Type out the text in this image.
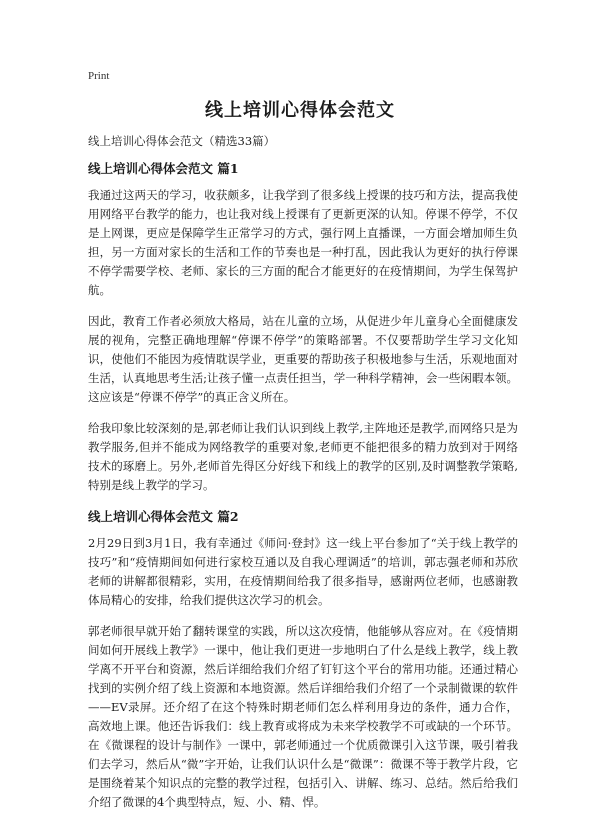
Print
线上培训心得体会范文
线上培训心得体会范文（精选33篇）
线上培训心得体会范文 篇1

我通过这两天的学习，收获颇多，让我学到了很多线上授课的技巧和方法，提高我使用网络平台教学的能力，也让我对线上授课有了更新更深的认知。停课不停学，不仅是上网课，更应是保障学生正常学习的方式，强行网上直播课，一方面会增加师生负担，另一方面对家长的生活和工作的节奏也是一种打乱，因此我认为更好的执行停课不停学需要学校、老师、家长的三方面的配合才能更好的在疫情期间，为学生保驾护航。

因此，教育工作者必须放大格局，站在儿童的立场，从促进少年儿童身心全面健康发展的视角，完整正确地理解“停课不停学”的策略部署。不仅要帮助学生学习文化知识，使他们不能因为疫情耽误学业，更重要的帮助孩子积极地参与生活，乐观地面对生活，认真地思考生活;让孩子懂一点责任担当，学一种科学精神，会一些闲暇本领。这应该是“停课不停学”的真正含义所在。

给我印象比较深刻的是,郭老师让我们认识到线上教学,主阵地还是教学,而网络只是为教学服务,但并不能成为网络教学的重要对象,老师更不能把很多的精力放到对于网络技术的琢磨上。另外,老师首先得区分好线下和线上的教学的区别,及时调整教学策略,特别是线上教学的学习。

线上培训心得体会范文 篇2

2月29日到3月1日，我有幸通过《师问·登封》这一线上平台参加了“关于线上教学的技巧”和“疫情期间如何进行家校互通以及自我心理调适”的培训，郭志强老师和苏欣老师的讲解都很精彩，实用，在疫情期间给我了很多指导，感谢两位老师，也感谢教体局精心的安排，给我们提供这次学习的机会。

郭老师很早就开始了翻转课堂的实践，所以这次疫情，他能够从容应对。在《疫情期间如何开展线上教学》一课中，他让我们更进一步地明白了什么是线上教学，线上教学离不开平台和资源，然后详细给我们介绍了钉钉这个平台的常用功能。还通过精心找到的实例介绍了线上资源和本地资源。然后详细给我们介绍了一个录制微课的软件——EV录屏。还介绍了在这个特殊时期老师们怎么样利用身边的条件，通力合作，高效地上课。他还告诉我们：线上教育或将成为未来学校教学不可或缺的一个环节。在《微课程的设计与制作》一课中，郭老师通过一个优质微课引入这节课，吸引着我们去学习，然后从“微”字开始，让我们认识什么是“微课”：微课不等于教学片段，它是围绕着某个知识点的完整的教学过程，包括引入、讲解、练习、总结。然后给我们介绍了微课的4个典型特点，短、小、精、悍。
